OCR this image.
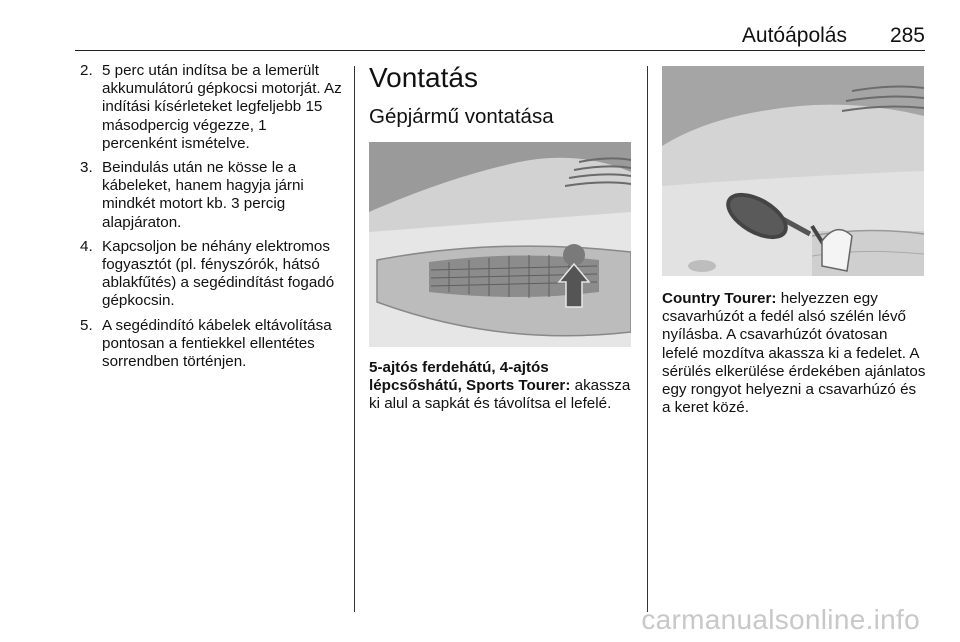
Autóápolás 285
2. 5 perc után indítsa be a lemerült akkumulátorú gépkocsi motorját. Az indítási kísérleteket legfeljebb 15 másodpercig végezze, 1 percenként ismételve.
3. Beindulás után ne kösse le a kábeleket, hanem hagyja járni mindkét motort kb. 3 percig alapjáraton.
4. Kapcsoljon be néhány elektromos fogyasztót (pl. fényszórók, hátsó ablakfűtés) a segédindítást fogadó gépkocsin.
5. A segédindító kábelek eltávolítása pontosan a fentiekkel ellentétes sorrendben történjen.
Vontatás
Gépjármű vontatása
5-ajtós ferdehátú, 4-ajtós lépcsőshátú, Sports Tourer: akassza ki alul a sapkát és távolítsa el lefelé.
Country Tourer: helyezzen egy csavarhúzót a fedél alsó szélén lévő nyílásba. A csavarhúzót óvatosan lefelé mozdítva akassza ki a fedelet. A sérülés elkerülése érdekében ajánlatos egy rongyot helyezni a csavarhúzó és a keret közé.
carmanualsonline.info
